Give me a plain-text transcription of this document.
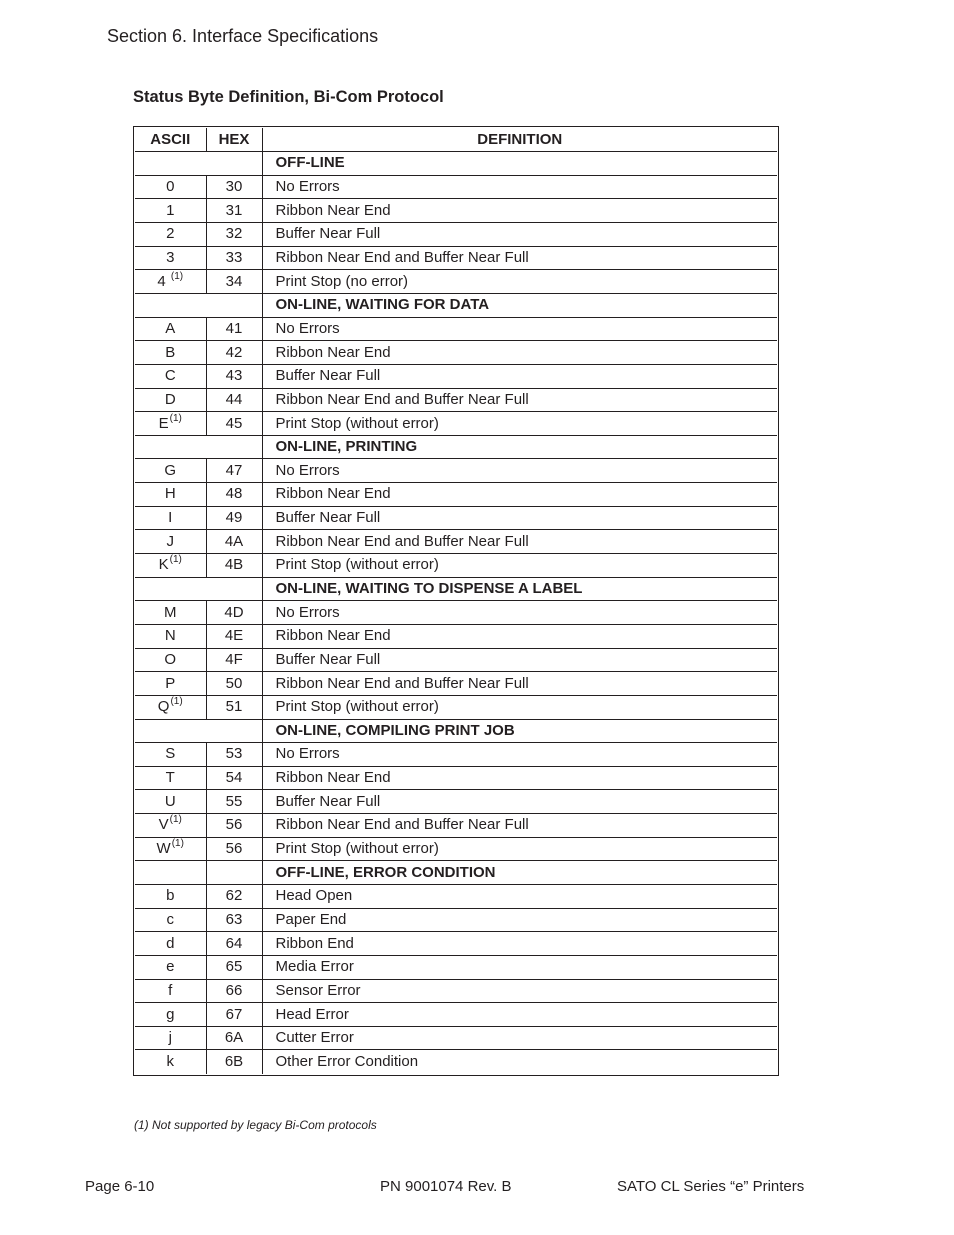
Section 6. Interface Specifications
Status Byte Definition, Bi-Com Protocol
ASCII	HEX	DEFINITION
		OFF-LINE
0	30	No Errors
1	31	Ribbon Near End
2	32	Buffer Near Full
3	33	Ribbon Near End and Buffer Near Full
4 $^{(1)}$	34	Print Stop (no error)
		ON-LINE, WAITING FOR DATA
A	41	No Errors
B	42	Ribbon Near End
C	43	Buffer Near Full
D	44	Ribbon Near End and Buffer Near Full
$E^{(1)}$	45	Print Stop (without error)
		ON-LINE, PRINTING
G	47	No Errors
H	48	Ribbon Near End
I	49	Buffer Near Full
J	4A	Ribbon Near End and Buffer Near Full
$K^{(1)}$	4B	Print Stop (without error)
		ON-LINE, WAITING TO DISPENSE A LABEL
M	4D	No Errors
N	4E	Ribbon Near End
O	4F	Buffer Near Full
P	50	Ribbon Near End and Buffer Near Full
$Q^{(1)}$	51	Print Stop (without error)
		ON-LINE, COMPILING PRINT JOB
S	53	No Errors
T	54	Ribbon Near End
U	55	Buffer Near Full
$V^{(1)}$	56	Ribbon Near End and Buffer Near Full
$W^{(1)}$	56	Print Stop (without error)
		OFF-LINE, ERROR CONDITION
b	62	Head Open
c	63	Paper End
d	64	Ribbon End
e	65	Media Error
f	66	Sensor Error
g	67	Head Error
j	6A	Cutter Error
k	6B	Other Error Condition
(1) Not supported by legacy Bi-Com protocols
Page 6-10	PN 9001074 Rev. B	SATO CL Series “e” Printers
